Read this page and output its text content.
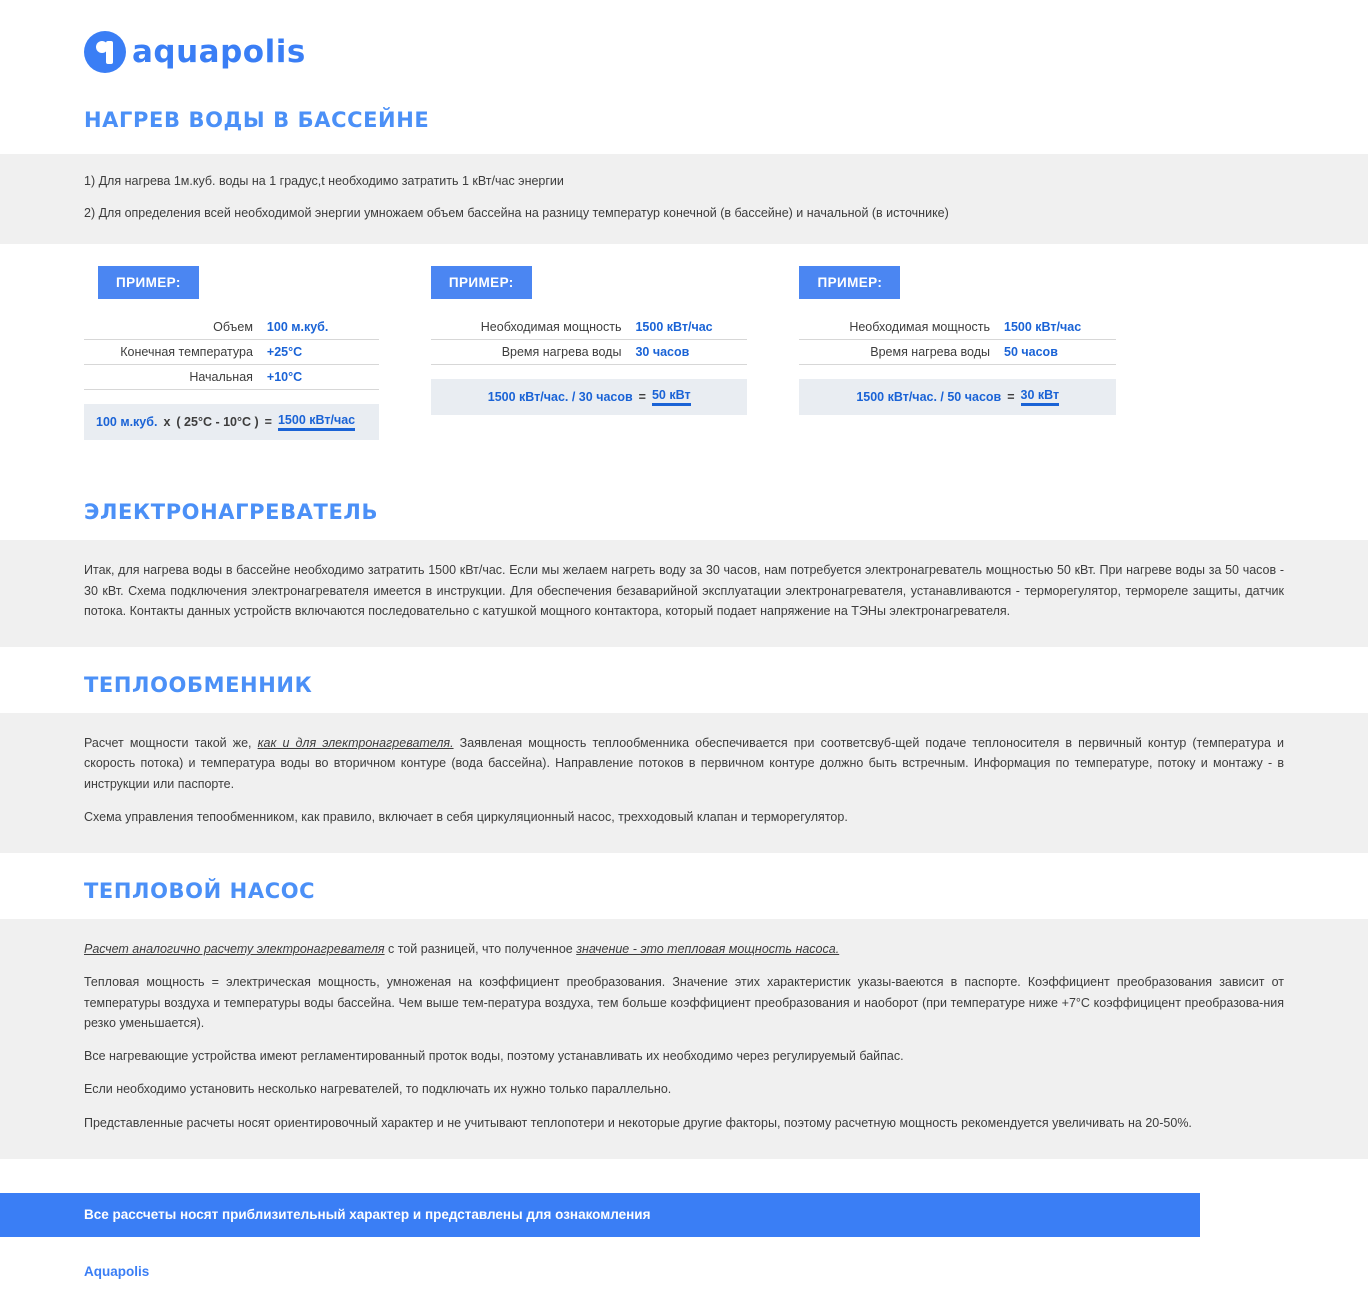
aquapolis
НАГРЕВ ВОДЫ В БАССЕЙНЕ

1) Для нагрева 1м.куб. воды на 1 градус,t необходимо затратить 1 кВт/час энергии

2) Для определения всей необходимой энергии умножаем объем бассейна на разницу температур конечной (в бассейне) и начальной (в источнике)

ПРИМЕР:
Объем	100 м.куб.
Конечная температура	+25°C
Начальная	+10°C
100 м.куб. х ( 25°C - 10°C ) = 1500 кВт/час
ПРИМЕР:
Необходимая мощность	1500 кВт/час
Время нагрева воды	30 часов
1500 кВт/час. / 30 часов = 50 кВт
ПРИМЕР:
Необходимая мощность	1500 кВт/час
Время нагрева воды	50 часов
1500 кВт/час. / 50 часов = 30 кВт
ЭЛЕКТРОНАГРЕВАТЕЛЬ

Итак, для нагрева воды в бассейне необходимо затратить 1500 кВт/час. Если мы желаем нагреть воду за 30 часов, нам потребуется электронагреватель мощностью 50 кВт. При нагреве воды за 50 часов - 30 кВт. Схема подключения электронагревателя имеется в инструкции. Для обеспечения безаварийной эксплуатации электронагревателя, устанавливаются - терморегулятор, термореле защиты, датчик потока. Контакты данных устройств включаются последовательно с катушкой мощного контактора, который подает напряжение на ТЭНы электронагревателя.

ТЕПЛООБМЕННИК

Расчет мощности такой же, как и для электронагревателя. Заявленая мощность теплообменника обеспечивается при соответсвуб-щей подаче теплоносителя в первичный контур (температура и скорость потока) и температура воды во вторичном контуре (вода бассейна). Направление потоков в первичном контуре должно быть встречным. Информация по температуре, потоку и монтажу - в инструкции или паспорте.

Схема управления тепообменником, как правило, включает в себя циркуляционный насос, трехходовый клапан и терморегулятор.

ТЕПЛОВОЙ НАСОС

Расчет аналогично расчету электронагревателя с той разницей, что полученное значение - это тепловая мощность насоса.

Тепловая мощность = электрическая мощность, умноженая на коэффициент преобразования. Значение этих характеристик указы-ваеются в паспорте. Коэффициент преобразования зависит от температуры воздуха и температуры воды бассейна. Чем выше тем-пература воздуха, тем больше коэффициент преобразования и наоборот (при температуре ниже +7°C коэффицицент преобразова-ния резко уменьшается).

Все нагревающие устройства имеют регламентированный проток воды, поэтому устанавливать их необходимо через регулируемый байпас.

Если необходимо установить несколько нагревателей, то подключать их нужно только параллельно.

Представленные расчеты носят ориентировочный характер и не учитывают теплопотери и некоторые другие факторы, поэтому расчетную мощность рекомендуется увеличивать на 20-50%.

Все рассчеты носят приблизительный характер и представлены для ознакомления
Aquapolis
